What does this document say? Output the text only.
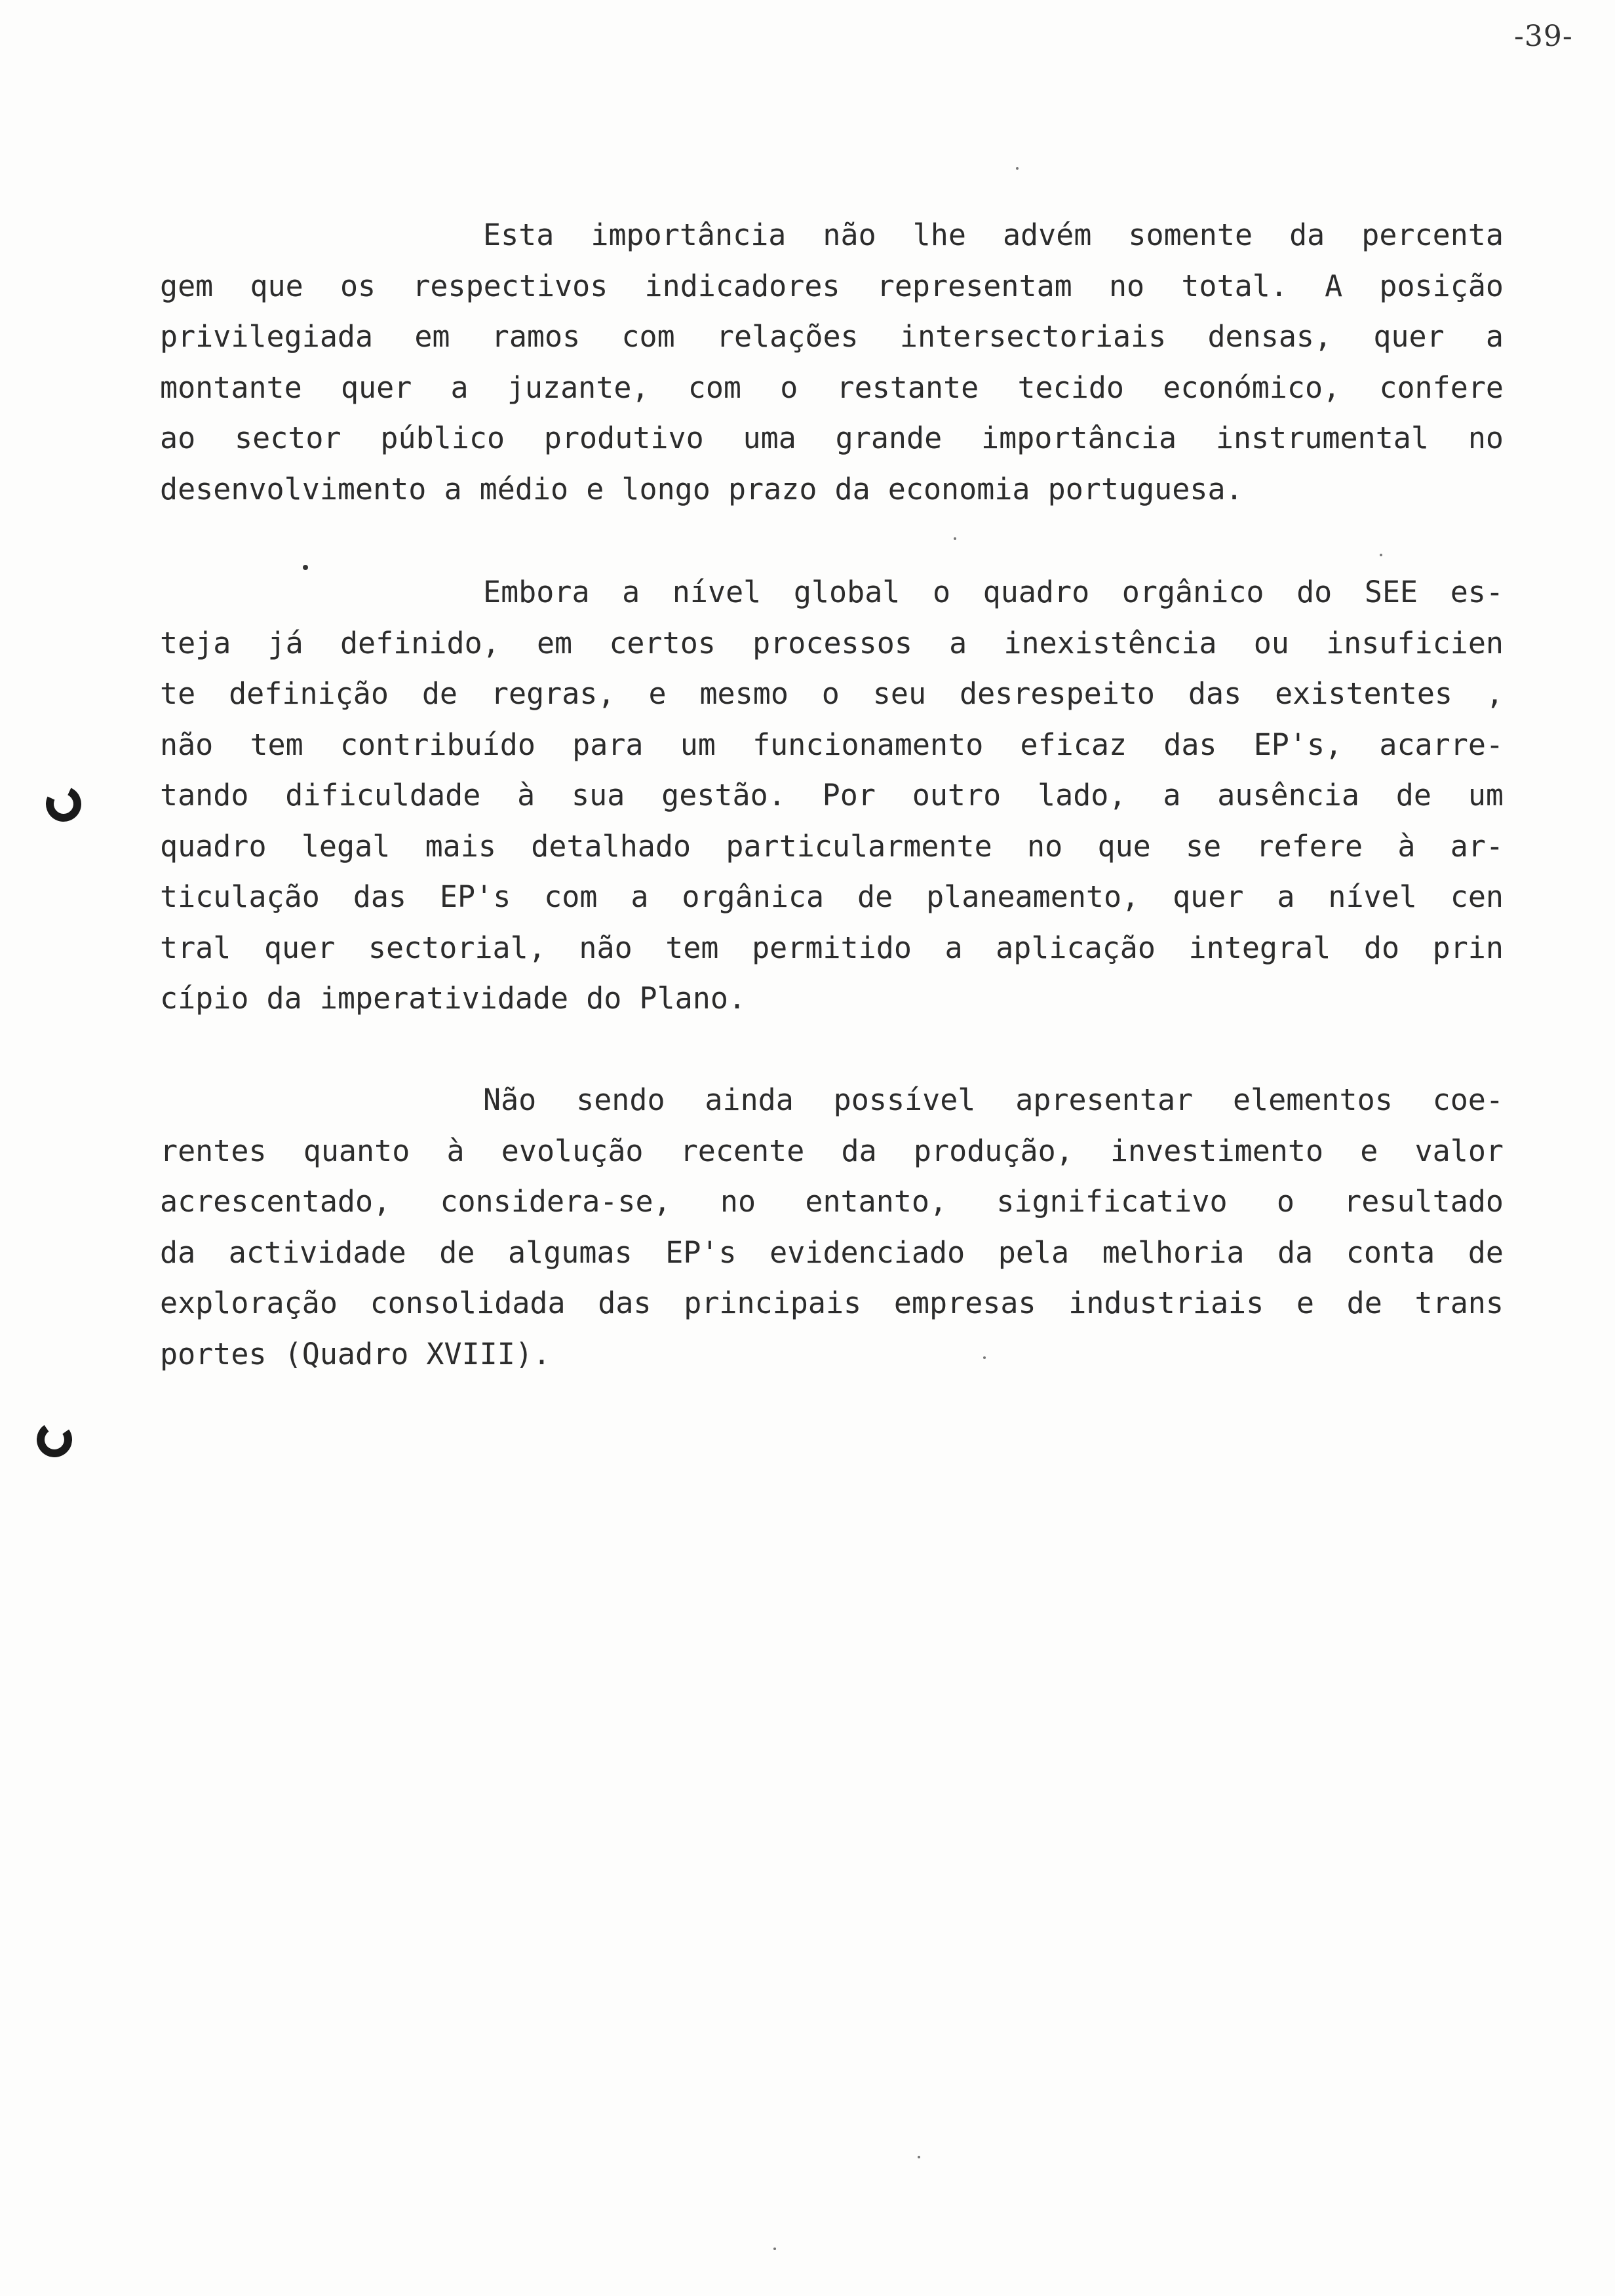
-39-
Esta importância não lhe advém somente da percenta
gem que os respectivos indicadores representam no total. A posição
privilegiada em ramos com relações intersectoriais densas, quer a
montante quer a juzante, com o restante tecido económico, confere
ao sector público produtivo uma grande importância instrumental no
desenvolvimento a médio e longo prazo da economia portuguesa.
Embora a nível global o quadro orgânico do SEE es-
teja já definido, em certos processos a inexistência ou insuficien
te definição de regras, e mesmo o seu desrespeito das existentes ,
não tem contribuído para um funcionamento eficaz das EP's, acarre-
tando dificuldade à sua gestão. Por outro lado, a ausência de um
quadro legal mais detalhado particularmente no que se refere à ar-
ticulação das EP's com a orgânica de planeamento, quer a nível cen
tral quer sectorial, não tem permitido a aplicação integral do prin
cípio da imperatividade do Plano.
Não sendo ainda possível apresentar elementos coe-
rentes quanto à evolução recente da produção, investimento e valor
acrescentado, considera-se, no entanto, significativo o resultado
da actividade de algumas EP's evidenciado pela melhoria da conta de
exploração consolidada das principais empresas industriais e de trans
portes (Quadro XVIII).
